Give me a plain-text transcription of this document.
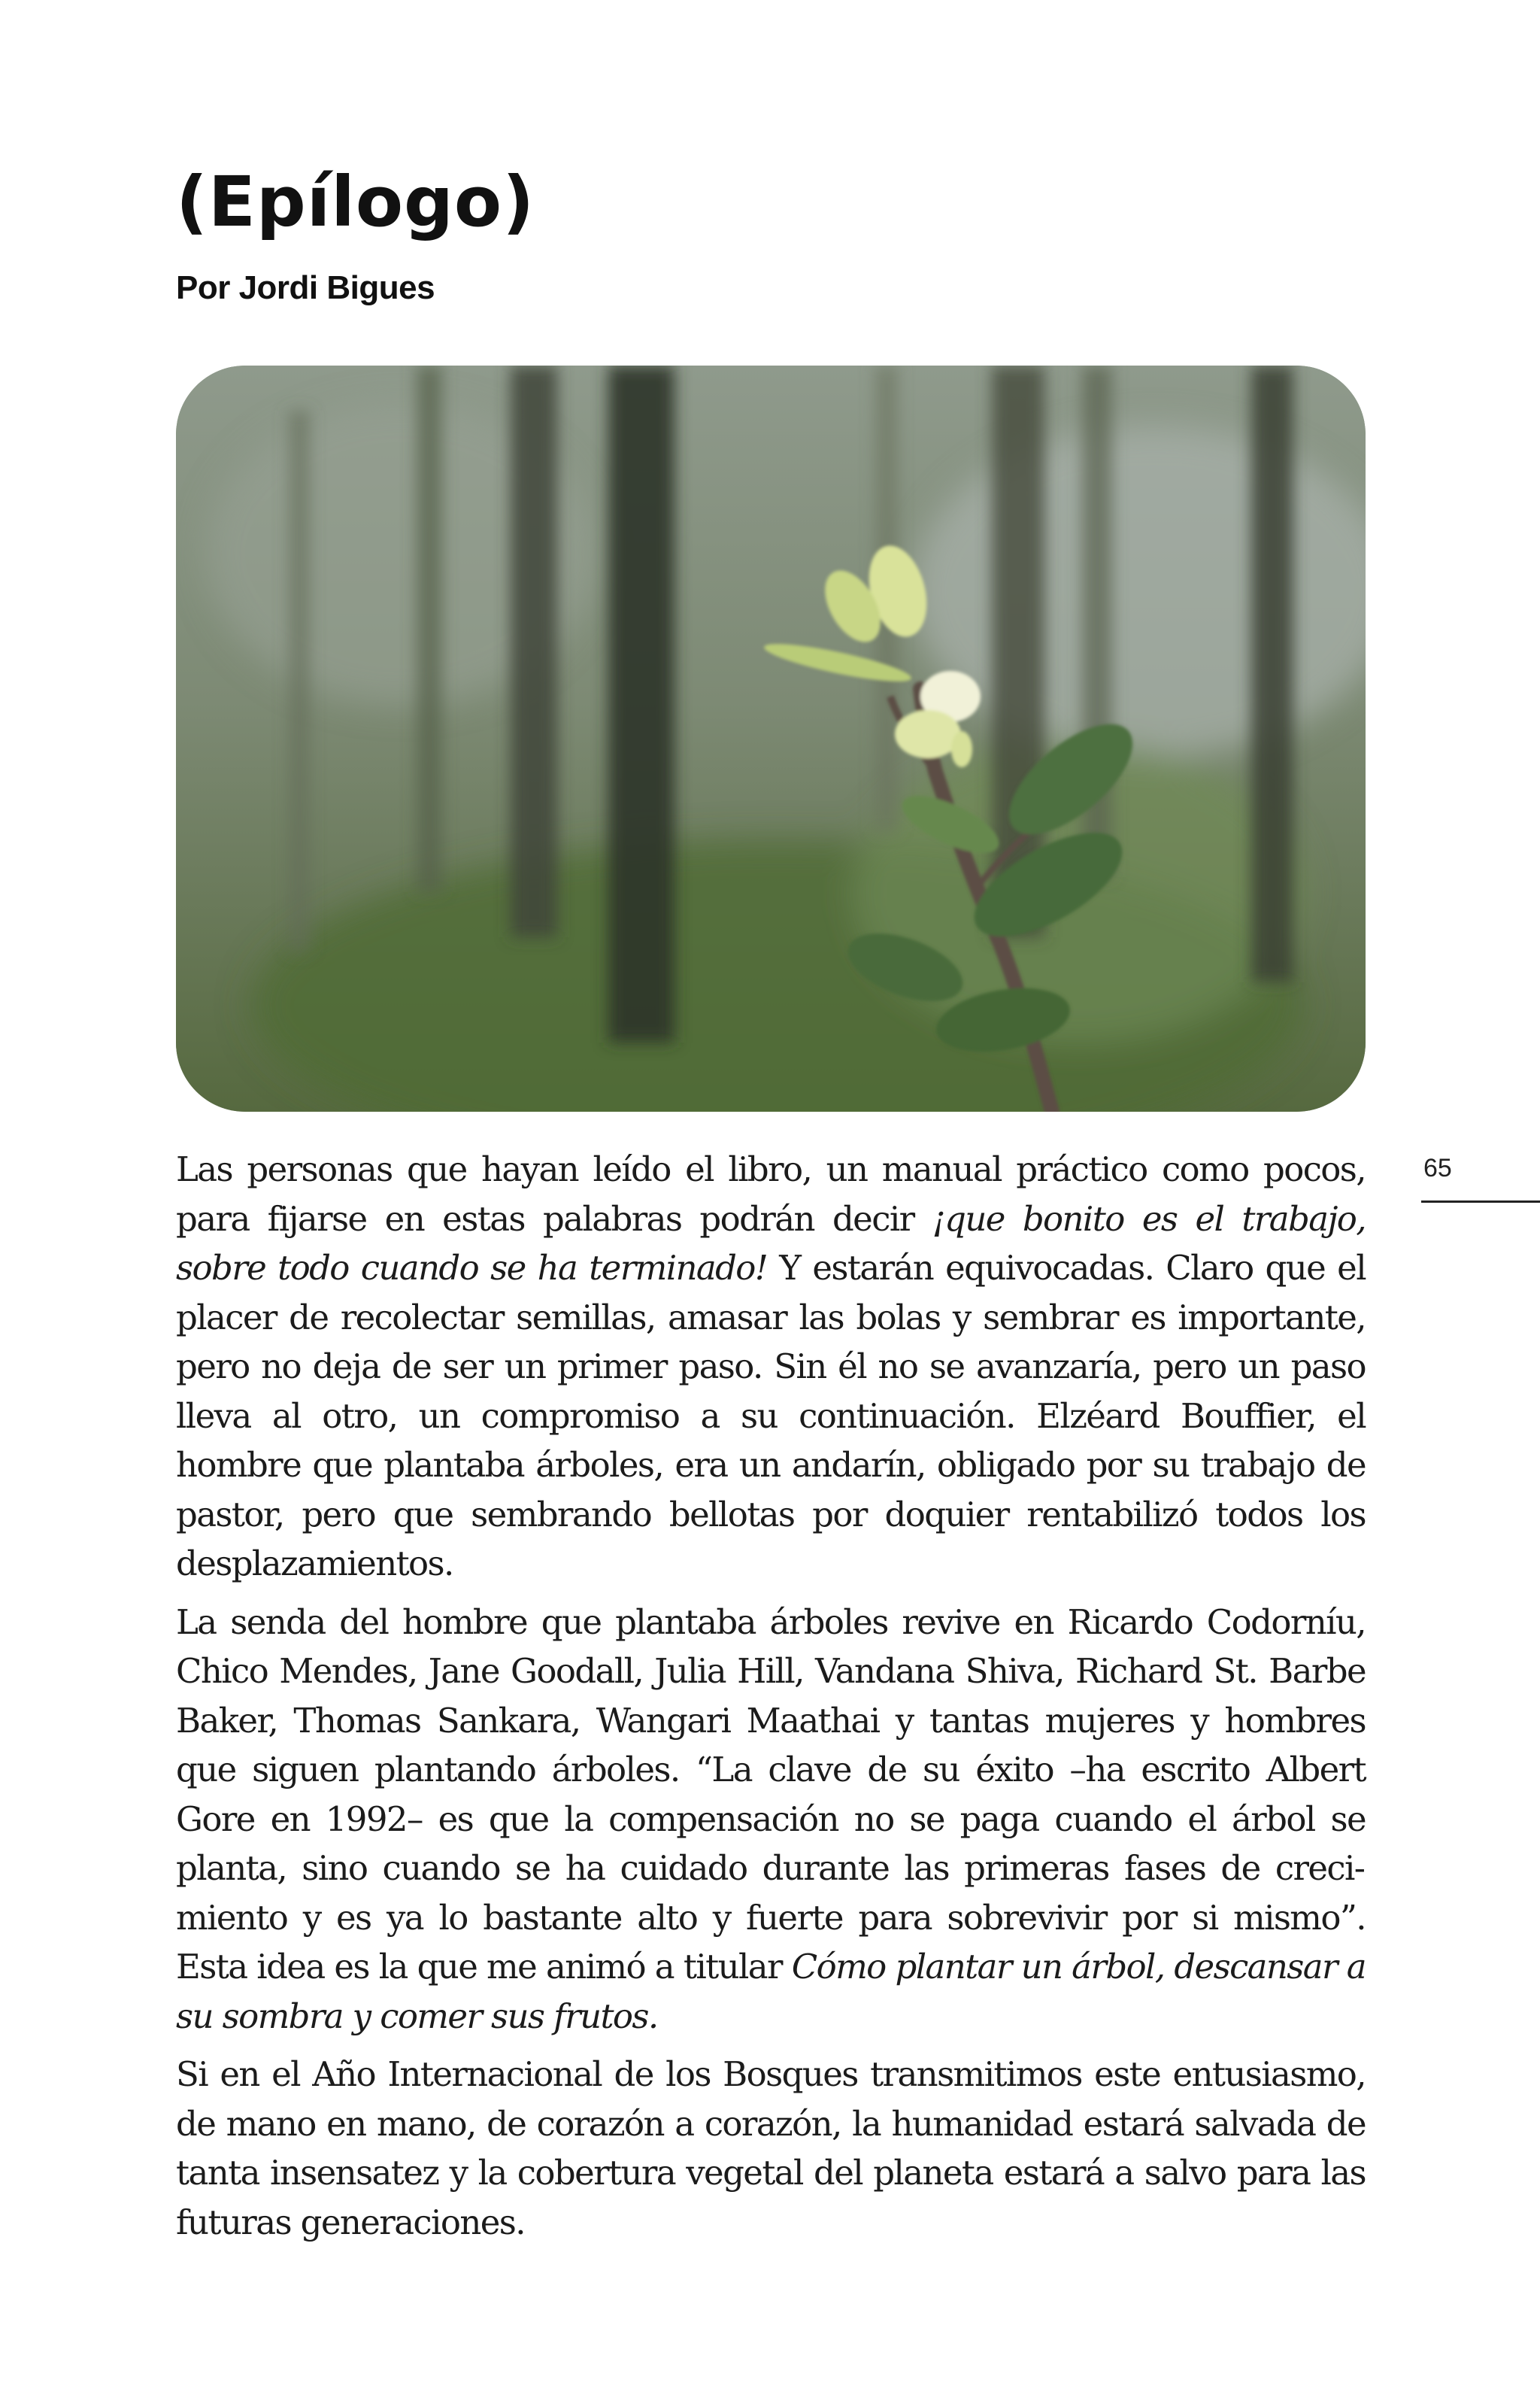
(Epílogo)

Por Jordi Bigues

65

Las personas que hayan leído el libro, un manual práctico como pocos, para fijarse en estas palabras podrán decir ¡que bonito es el trabajo, sobre todo cuando se ha terminado! Y estarán equivocadas. Claro que el placer de recolectar semillas, amasar las bolas y sembrar es importante, pero no deja de ser un primer paso. Sin él no se avanzaría, pero un paso lleva al otro, un compromiso a su continuación. Elzéard Bouffier, el hombre que plantaba árboles, era un andarín, obligado por su trabajo de pastor, pero que sembrando bellotas por doquier rentabilizó todos los desplazamientos.

La senda del hombre que plantaba árboles revive en Ricardo Codorníu, Chico Mendes, Jane Goodall, Julia Hill, Vandana Shiva, Richard St. Barbe Baker, Thomas Sankara, Wangari Maathai y tantas mujeres y hombres que siguen plantando árboles. “La clave de su éxito –ha escrito Albert Gore en 1992– es que la compensación no se paga cuando el árbol se planta, sino cuando se ha cuidado durante las primeras fases de crecimiento y es ya lo bastante alto y fuerte para sobrevivir por si mismo”. Esta idea es la que me animó a titular Cómo plantar un árbol, descansar a su sombra y comer sus frutos.

Si en el Año Internacional de los Bosques transmitimos este entusiasmo, de mano en mano, de corazón a corazón, la humanidad estará salvada de tanta insensatez y la cobertura vegetal del planeta estará a salvo para las futuras generaciones.
